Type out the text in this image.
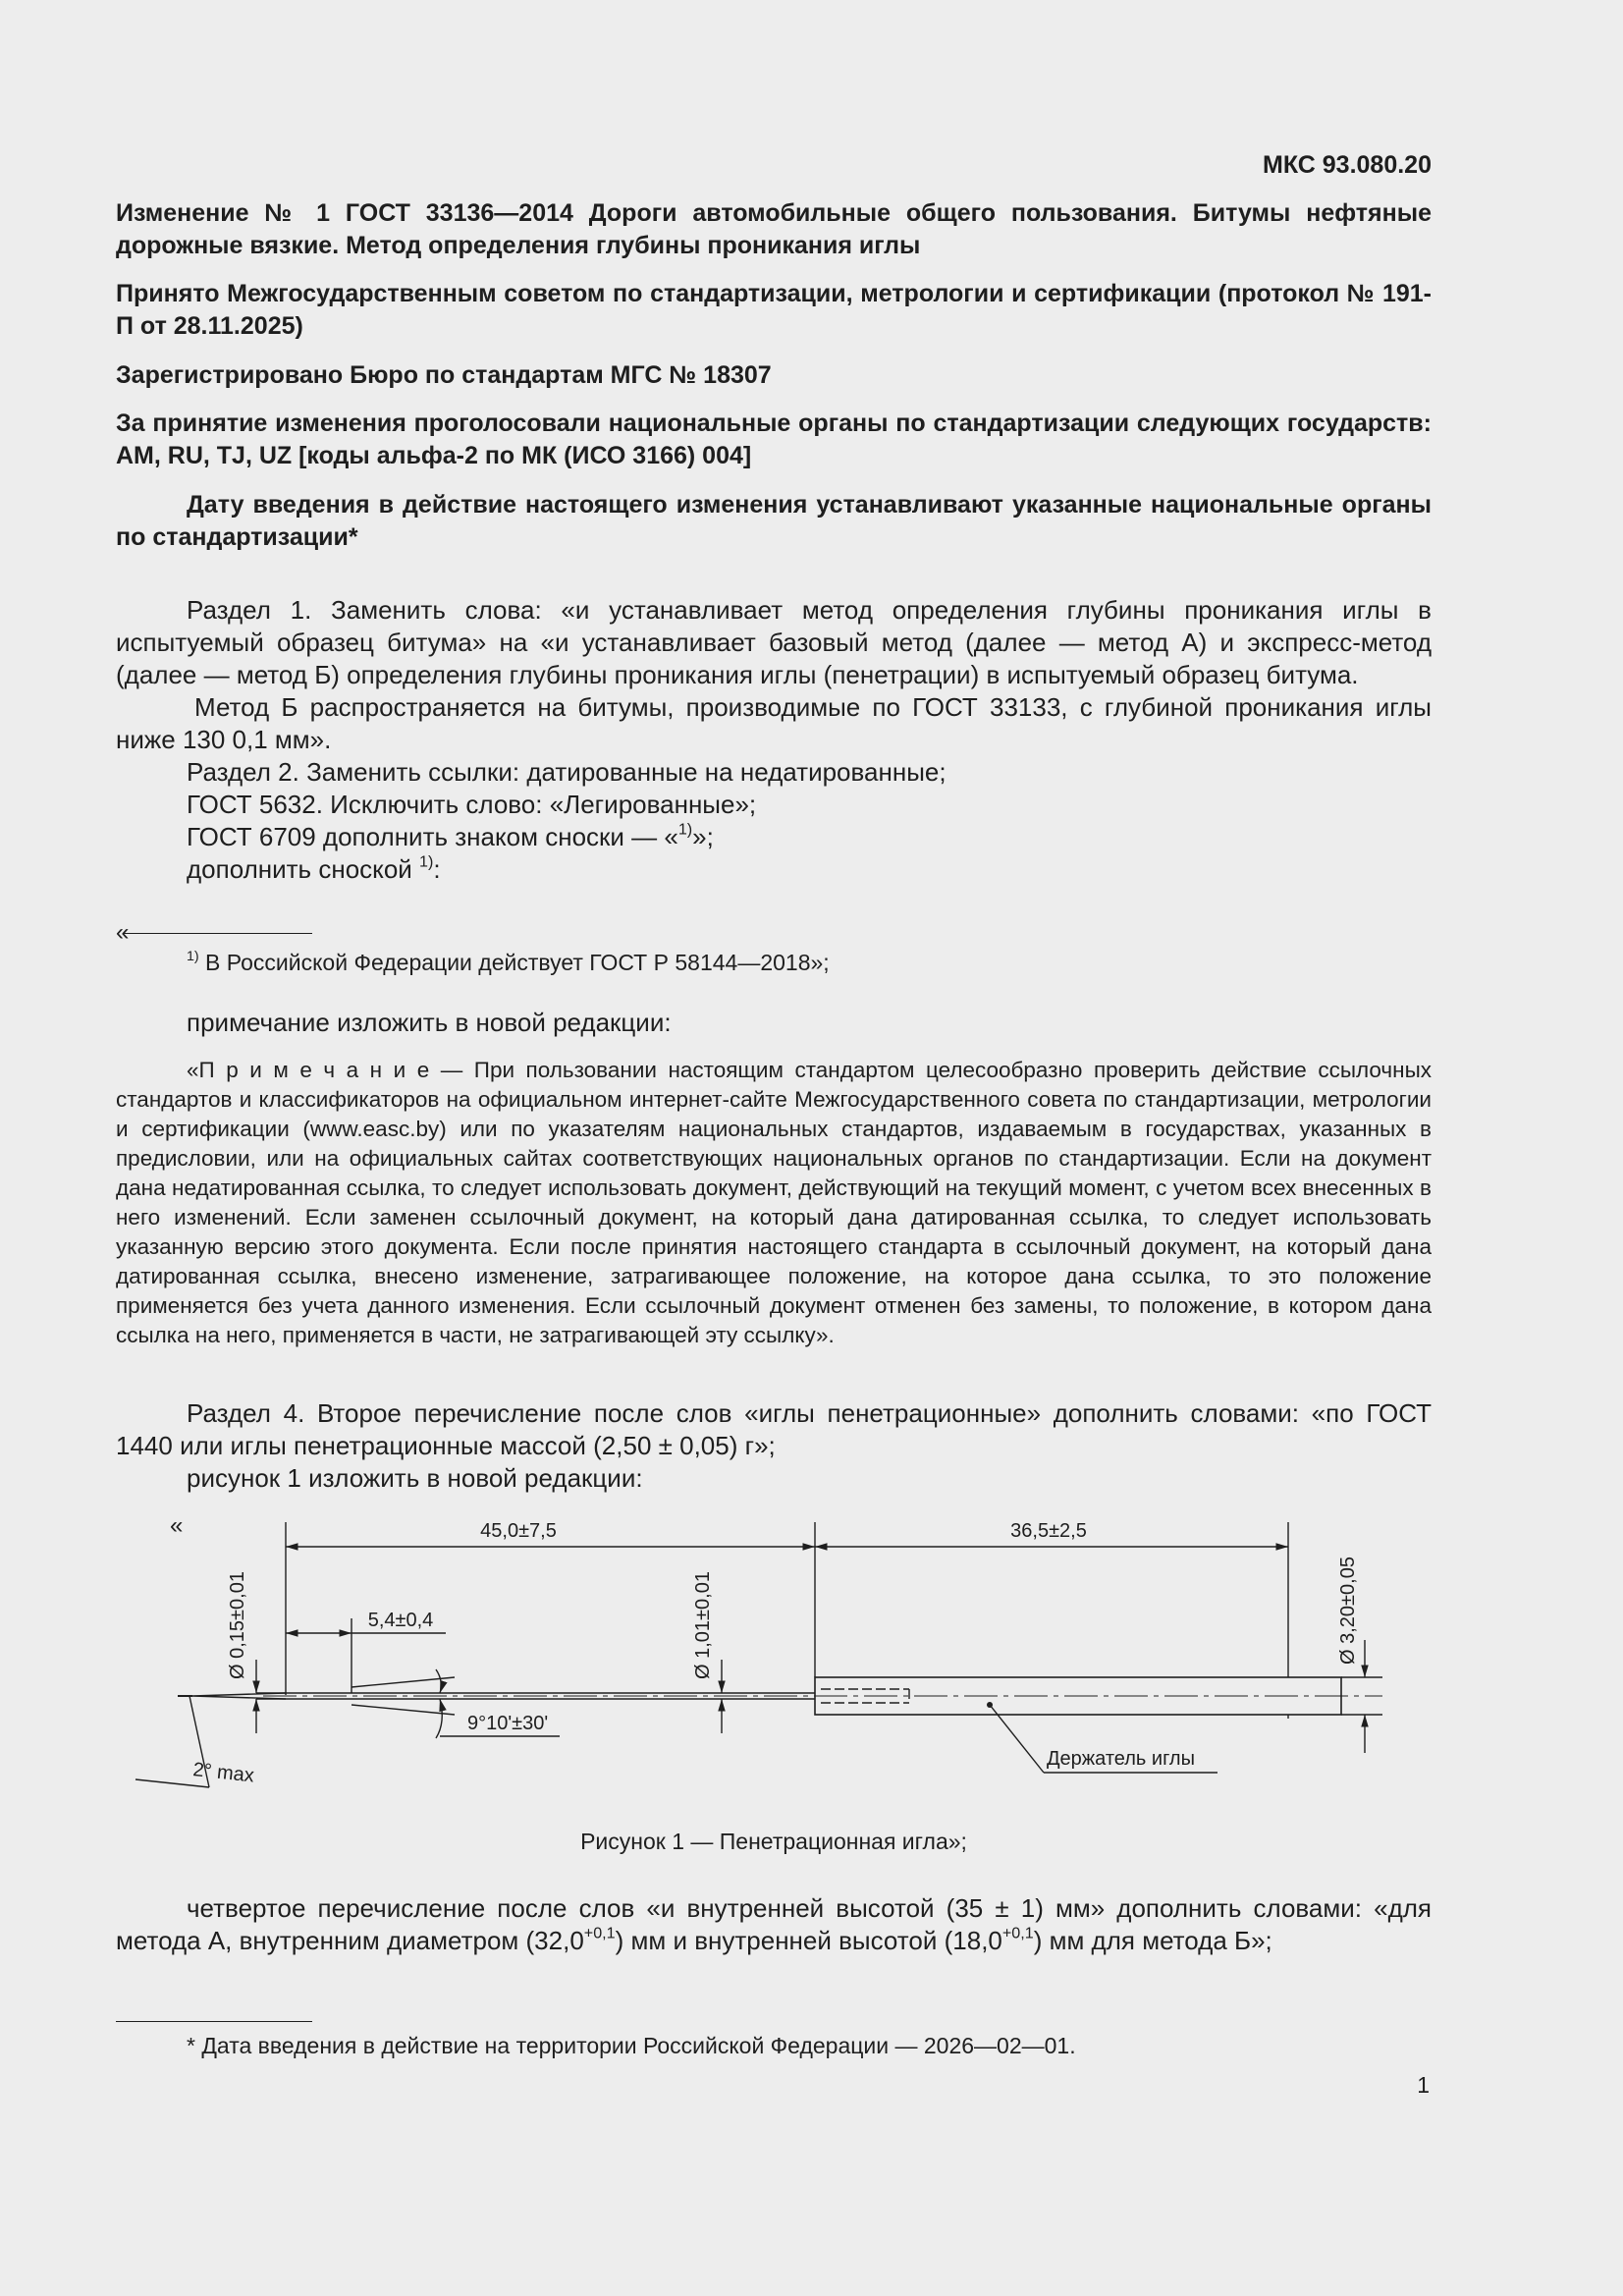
МКС 93.080.20
Изменение № 1 ГОСТ 33136—2014 Дороги автомобильные общего пользования. Битумы нефтяные дорожные вязкие. Метод определения глубины проникания иглы
Принято Межгосударственным советом по стандартизации, метрологии и сертификации (протокол № 191-П от 28.11.2025)
Зарегистрировано Бюро по стандартам МГС № 18307
За принятие изменения проголосовали национальные органы по стандартизации следующих государств: AM, RU, TJ, UZ [коды альфа-2 по МК (ИСО 3166) 004]
Дату введения в действие настоящего изменения устанавливают указанные национальные органы по стандартизации*
Раздел 1. Заменить слова: «и устанавливает метод определения глубины проникания иглы в испытуемый образец битума» на «и устанавливает базовый метод (далее — метод А) и экспресс-метод (далее — метод Б) определения глубины проникания иглы (пенетрации) в испытуемый образец битума.
Метод Б распространяется на битумы, производимые по ГОСТ 33133, с глубиной проникания иглы ниже 130 0,1 мм».
Раздел 2. Заменить ссылки: датированные на недатированные;
ГОСТ 5632. Исключить слово: «Легированные»;
ГОСТ 6709 дополнить знаком сноски — «$^{1)}$»;
дополнить сноской $^{1)}$:
«
$^{1)}$ В Российской Федерации действует ГОСТ Р 58144—2018»;
примечание изложить в новой редакции:
«П р и м е ч а н и е — При пользовании настоящим стандартом целесообразно проверить действие ссылочных стандартов и классификаторов на официальном интернет-сайте Межгосударственного совета по стандартизации, метрологии и сертификации (www.easc.by) или по указателям национальных стандартов, издаваемым в государствах, указанных в предисловии, или на официальных сайтах соответствующих национальных органов по стандартизации. Если на документ дана недатированная ссылка, то следует использовать документ, действующий на текущий момент, с учетом всех внесенных в него изменений. Если заменен ссылочный документ, на который дана датированная ссылка, то следует использовать указанную версию этого документа. Если после принятия настоящего стандарта в ссылочный документ, на который дана датированная ссылка, внесено изменение, затрагивающее положение, на которое дана ссылка, то это положение применяется без учета данного изменения. Если ссылочный документ отменен без замены, то положение, в котором дана ссылка на него, применяется в части, не затрагивающей эту ссылку».
Раздел 4. Второе перечисление после слов «иглы пенетрационные» дополнить словами: «по ГОСТ 1440 или иглы пенетрационные массой (2,50 ± 0,05) г»;
рисунок 1 изложить в новой редакции:
«	45,0±7,5	36,5±2,5
5,4±0,4
Ø 0,15±0,01	Ø 1,01±0,01	Ø 3,20±0,05
9°10'±30'
2° max
Держатель иглы
Рисунок 1 — Пенетрационная игла»;
четвертое перечисление после слов «и внутренней высотой (35 ± 1) мм» дополнить словами: «для метода А, внутренним диаметром $(32,0^{+0,1})$ мм и внутренней высотой $(18,0^{+0,1})$ мм для метода Б»;
* Дата введения в действие на территории Российской Федерации — 2026—02—01.
1
